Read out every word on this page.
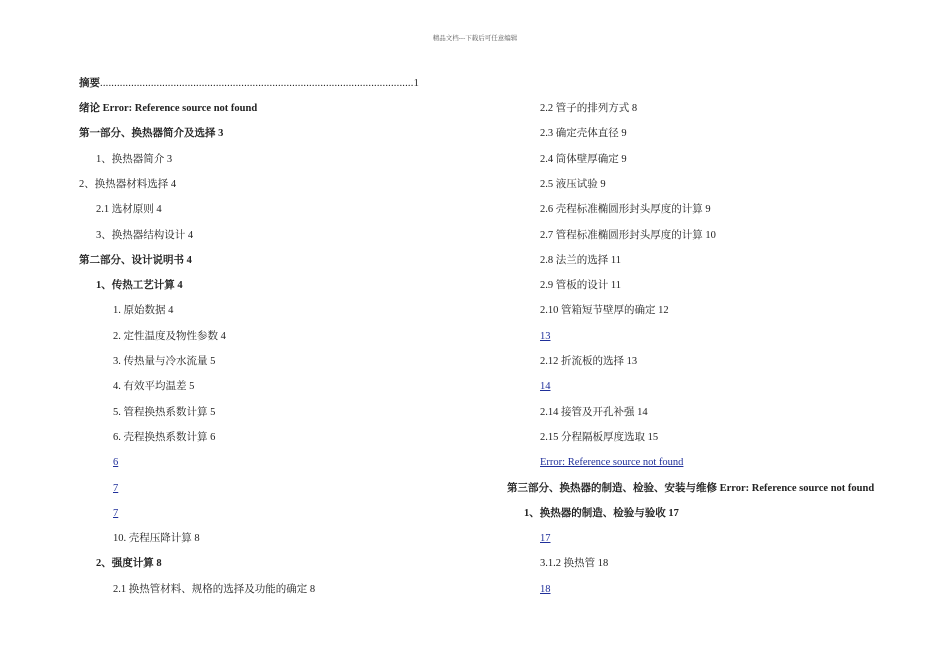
精品文档---下载后可任意编辑
摘要...............................................................................................................1
绪论 Error: Reference source not found
第一部分、换热器简介及选择 3
1、换热器简介 3
2、换热器材料选择 4
2.1 选材原则 4
3、换热器结构设计 4
第二部分、设计说明书 4
1、传热工艺计算 4
1. 原始数据 4
2. 定性温度及物性参数 4
3. 传热量与冷水流量 5
4. 有效平均温差 5
5. 管程换热系数计算 5
6. 壳程换热系数计算 6
6
7
7
10. 壳程压降计算 8
2、强度计算 8
2.1 换热管材料、规格的选择及功能的确定 8
2.2 管子的排列方式 8
2.3 确定壳体直径 9
2.4 筒体壁厚确定 9
2.5 液压试验 9
2.6 壳程标准椭圆形封头厚度的计算 9
2.7 管程标准椭圆形封头厚度的计算 10
2.8 法兰的选择 11
2.9 管板的设计 11
2.10 管箱短节壁厚的确定 12
13
2.12 折流板的选择 13
14
2.14 接管及开孔补强 14
2.15 分程隔板厚度选取 15
Error: Reference source not found
第三部分、换热器的制造、检验、安装与维修 Error: Reference source not found
1、换热器的制造、检验与验收 17
17
3.1.2 换热管 18
18
